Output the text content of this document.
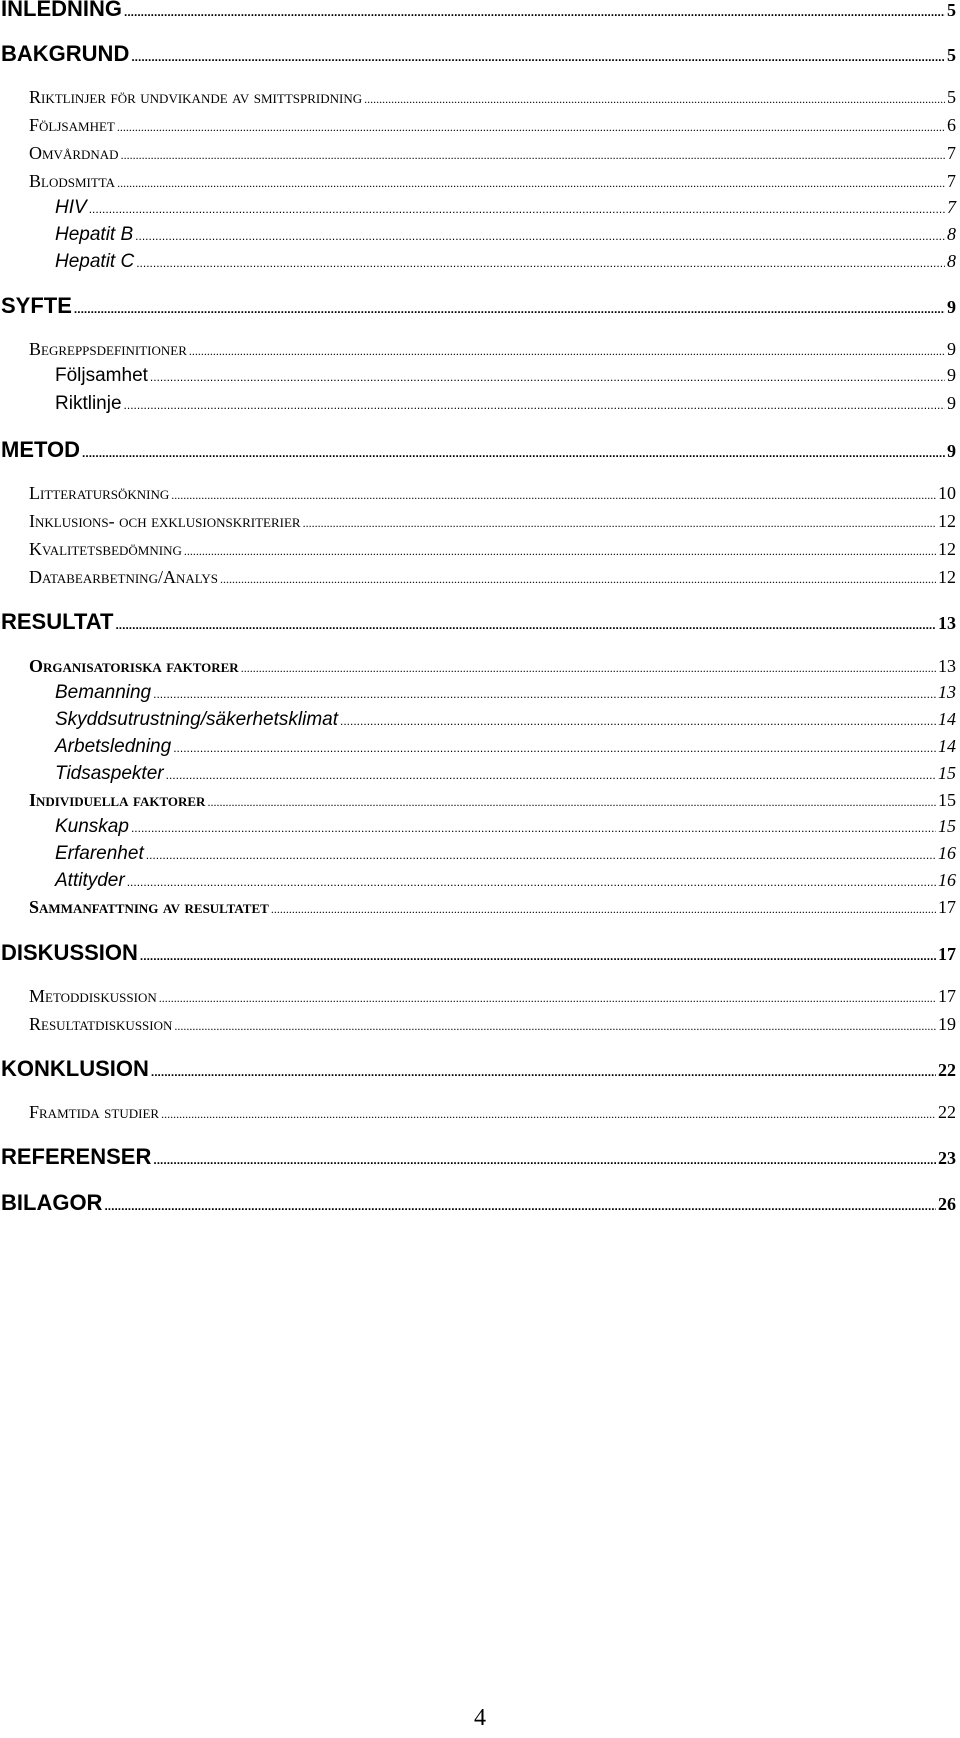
INLEDNING .....	5
BAKGRUND .....	5
Riktlinjer för undvikande av smittspridning .....	5
Följsamhet .....	6
Omvårdnad .....	7
Blodsmitta .....	7
HIV .....	7
Hepatit B .....	8
Hepatit C .....	8
SYFTE .....	9
Begreppsdefinitioner .....	9
Följsamhet .....	9
Riktlinje .....	9
METOD .....	9
Litteratursökning .....	10
Inklusions- och exklusionskriterier .....	12
Kvalitetsbedömning .....	12
Databearbetning/Analys .....	12
RESULTAT .....	13
Organisatoriska faktorer .....	13
Bemanning .....	13
Skyddsutrustning/säkerhetsklimat .....	14
Arbetsledning .....	14
Tidsaspekter .....	15
Individuella faktorer .....	15
Kunskap .....	15
Erfarenhet .....	16
Attityder .....	16
Sammanfattning av resultatet .....	17
DISKUSSION .....	17
Metoddiskussion .....	17
Resultatdiskussion .....	19
KONKLUSION .....	22
Framtida studier .....	22
REFERENSER .....	23
BILAGOR .....	26
4
